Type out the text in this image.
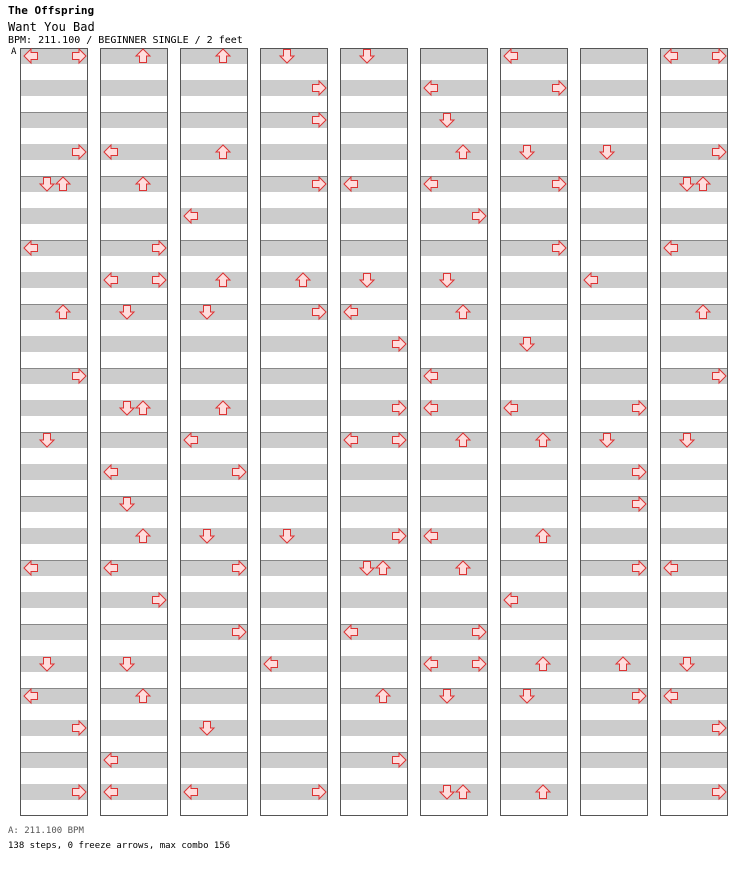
The Offspring
Want You Bad
BPM: 211.100 / BEGINNER SINGLE / 2 feet
A
A: 211.100 BPM
138 steps, 0 freeze arrows, max combo 156
